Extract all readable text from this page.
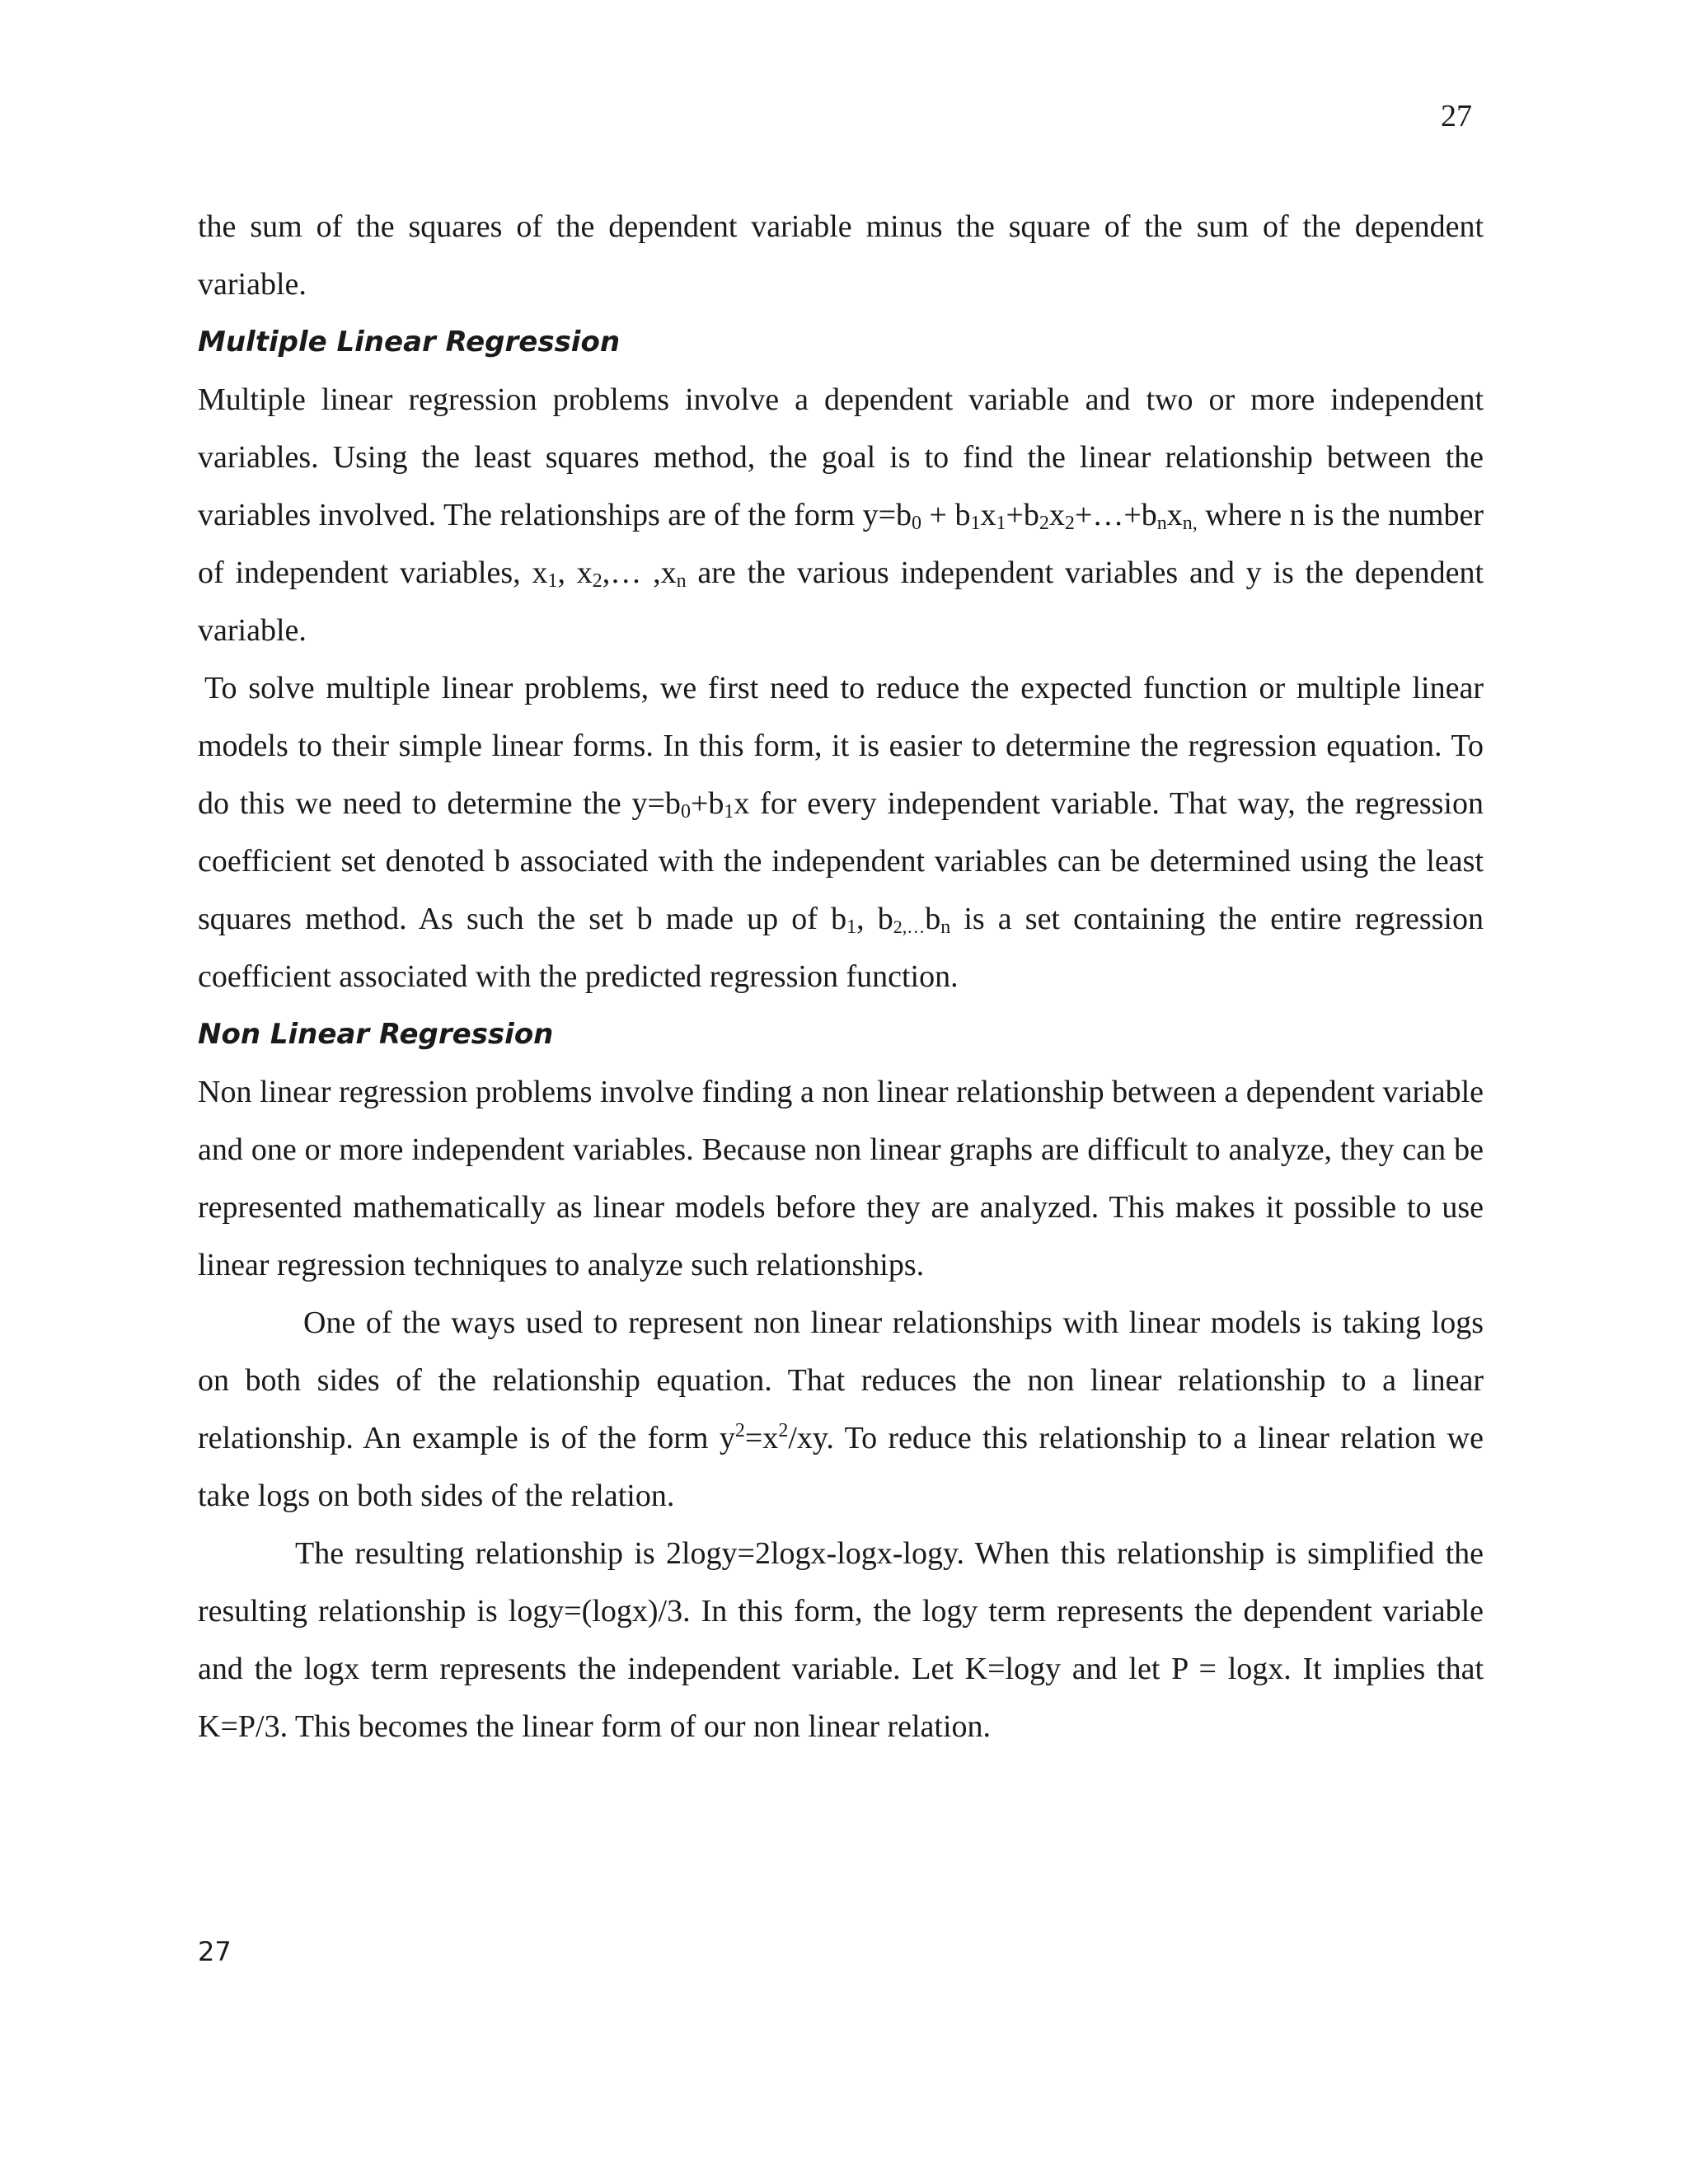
27

the sum of the squares of the dependent variable minus the square of the sum of the dependent variable.

Multiple Linear Regression

Multiple linear regression problems involve a dependent variable and two or more independent variables. Using the least squares method, the goal is to find the linear relationship between the variables involved. The relationships are of the form $y=b_0$ + $b_1x_1+b_2x_2+\dots+b_nx_{n,}$ where n is the number of independent variables, $x_1$, $x_2,\dots$ $,x_n$ are the various independent variables and y is the dependent variable.

To solve multiple linear problems, we first need to reduce the expected function or multiple linear models to their simple linear forms. In this form, it is easier to determine the regression equation. To do this we need to determine the $y=b_0+b_1x$ for every independent variable. That way, the regression coefficient set denoted b associated with the independent variables can be determined using the least squares method. As such the set b made up of $b_1$, $b_{2,\dots}b_n$ is a set containing the entire regression coefficient associated with the predicted regression function.

Non Linear Regression

Non linear regression problems involve finding a non linear relationship between a dependent variable and one or more independent variables. Because non linear graphs are difficult to analyze, they can be represented mathematically as linear models before they are analyzed. This makes it possible to use linear regression techniques to analyze such relationships.

One of the ways used to represent non linear relationships with linear models is taking logs on both sides of the relationship equation. That reduces the non linear relationship to a linear relationship. An example is of the form $y^2=x^2/xy$. To reduce this relationship to a linear relation we take logs on both sides of the relation.

The resulting relationship is 2logy=2logx-logx-logy. When this relationship is simplified the resulting relationship is logy=(logx)/3. In this form, the logy term represents the dependent variable and the logx term represents the independent variable. Let K=logy and let P = logx. It implies that K=P/3. This becomes the linear form of our non linear relation.

27
